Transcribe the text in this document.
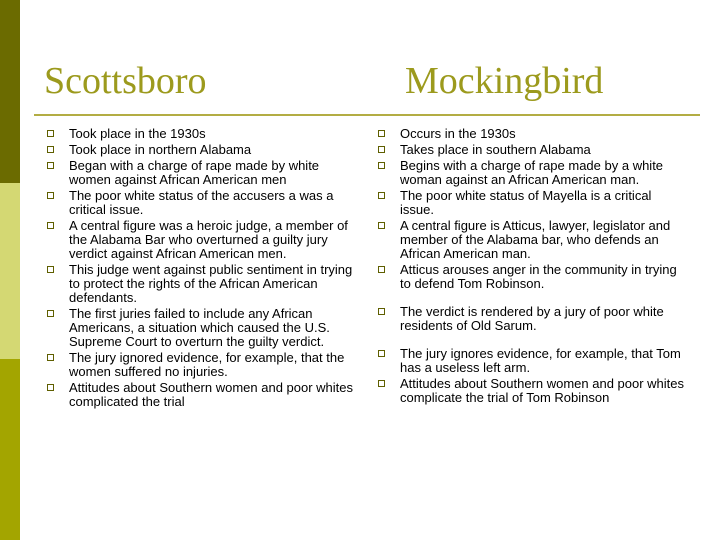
Scottsboro	Mockingbird
Took place in the 1930s
Took place in northern Alabama
Began with a charge of rape made by white women against African American men
The poor white status of the accusers a was a critical issue.
A central figure was a heroic judge, a member of the Alabama Bar who overturned a guilty jury verdict against African American men.
This judge went against public sentiment in trying to protect the rights of the African American defendants.
The first juries failed to include any African Americans, a situation which caused the U.S. Supreme Court to overturn the guilty verdict.
The jury ignored evidence, for example, that the women suffered no injuries.
Attitudes about Southern women and poor whites complicated the trial
Occurs in the 1930s
Takes place in southern Alabama
Begins with a charge of rape made by a white woman against an African American man.
The poor white status of Mayella is a critical issue.
A central figure is Atticus, lawyer, legislator and member of the Alabama bar, who defends an African American man.
Atticus arouses anger in the community in trying to defend Tom Robinson.
The verdict is rendered by a jury of poor white residents of Old Sarum.
The jury ignores evidence, for example, that Tom has a useless left arm.
Attitudes about Southern women and poor whites complicate the trial of Tom Robinson
